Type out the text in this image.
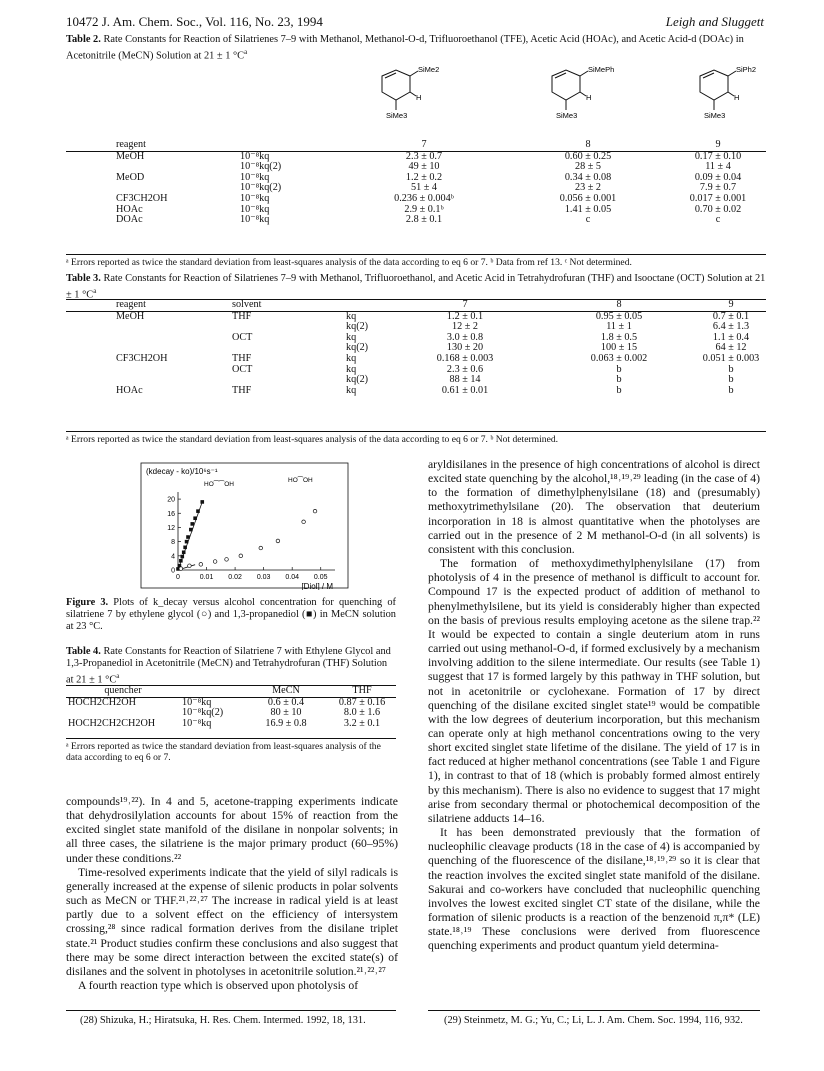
10472 J. Am. Chem. Soc., Vol. 116, No. 23, 1994	Leigh and Sluggett
Table 2. Rate Constants for Reaction of Silatrienes 7–9 with Methanol, Methanol-O-d, Trifluoroethanol (TFE), Acetic Acid (HOAc), and Acetic Acid-d (DOAc) in Acetonitrile (MeCN) Solution at 21 ± 1 $^\circ C^a$
SiMe2
H
SiMe3
SiMePh
H
SiMe3
SiPh2
H
SiMe3
reagent		7	8	9
MeOH	10⁻⁸kq	2.3 ± 0.7	0.60 ± 0.25	0.17 ± 0.10
	10⁻⁸kq(2)	49 ± 10	28 ± 5	11 ± 4
MeOD	10⁻⁸kq	1.2 ± 0.2	0.34 ± 0.08	0.09 ± 0.04
	10⁻⁸kq(2)	51 ± 4	23 ± 2	7.9 ± 0.7
CF3CH2OH	10⁻⁸kq	0.236 ± 0.004ᵇ	0.056 ± 0.001	0.017 ± 0.001
HOAc	10⁻⁸kq	2.9 ± 0.1ᵇ	1.41 ± 0.05	0.70 ± 0.02
DOAc	10⁻⁸kq	2.8 ± 0.1	c	c
ᵃ Errors reported as twice the standard deviation from least-squares analysis of the data according to eq 6 or 7. ᵇ Data from ref 13. ᶜ Not determined.
Table 3. Rate Constants for Reaction of Silatrienes 7–9 with Methanol, Trifluoroethanol, and Acetic Acid in Tetrahydrofuran (THF) and Isooctane (OCT) Solution at 21 ± 1 $^\circ C^a$
reagent	solvent		7	8	9
MeOH	THF	kq	1.2 ± 0.1	0.95 ± 0.05	0.7 ± 0.1
		kq(2)	12 ± 2	11 ± 1	6.4 ± 1.3
	OCT	kq	3.0 ± 0.8	1.8 ± 0.5	1.1 ± 0.4
		kq(2)	130 ± 20	100 ± 15	64 ± 12
CF3CH2OH	THF	kq	0.168 ± 0.003	0.063 ± 0.002	0.051 ± 0.003
	OCT	kq	2.3 ± 0.6	b	b
		kq(2)	88 ± 14	b	b
HOAc	THF	kq	0.61 ± 0.01	b	b
ᵃ Errors reported as twice the standard deviation from least-squares analysis of the data according to eq 6 or 7. ᵇ Not determined.
0	0.01 0.02 0.03 0.04 0.05
0
4
8
12
16
20
(kdecay - ko)/10⁶s⁻¹
[Diol] / M
HO⁀⁀OH
HO⁀OH
Figure 3. Plots of k_decay versus alcohol concentration for quenching of silatriene 7 by ethylene glycol (○) and 1,3-propanediol (■) in MeCN solution at 23 °C.
Table 4. Rate Constants for Reaction of Silatriene 7 with Ethylene Glycol and 1,3-Propanediol in Acetonitrile (MeCN) and Tetrahydrofuran (THF) Solution at 21 ± 1 $^\circ C^a$
quencher		MeCN	THF
HOCH2CH2OH	10⁻⁸kq	0.6 ± 0.4	0.87 ± 0.16
	10⁻⁸kq(2)	80 ± 10	8.0 ± 1.6
HOCH2CH2CH2OH	10⁻⁸kq	16.9 ± 0.8	3.2 ± 0.1
ᵃ Errors reported as twice the standard deviation from least-squares analysis of the data according to eq 6 or 7.

compounds¹⁹˒²²). In 4 and 5, acetone-trapping experiments indicate that dehydrosilylation accounts for about 15% of reaction from the excited singlet state manifold of the disilane in nonpolar solvents; in all three cases, the silatriene is the major primary product (60–95%) under these conditions.²²

Time-resolved experiments indicate that the yield of silyl radicals is generally increased at the expense of silenic products in polar solvents such as MeCN or THF.²¹˒²²˒²⁷ The increase in radical yield is at least partly due to a solvent effect on the efficiency of intersystem crossing,²⁸ since radical formation derives from the disilane triplet state.²¹ Product studies confirm these conclusions and also suggest that there may be some direct interaction between the excited state(s) of disilanes and the solvent in photolyses in acetonitrile solution.²¹˒²²˒²⁷

A fourth reaction type which is observed upon photolysis of

aryldisilanes in the presence of high concentrations of alcohol is direct excited state quenching by the alcohol,¹⁸˒¹⁹˒²⁹ leading (in the case of 4) to the formation of dimethylphenylsilane (18) and (presumably) methoxytrimethylsilane (20). The observation that deuterium incorporation in 18 is almost quantitative when the photolyses are carried out in the presence of 2 M methanol-O-d (in all solvents) is consistent with this conclusion.

The formation of methoxydimethylphenylsilane (17) from photolysis of 4 in the presence of methanol is difficult to account for. Compound 17 is the expected product of addition of methanol to phenylmethylsilene, but its yield is considerably higher than expected on the basis of previous results employing acetone as the silene trap.²² It would be expected to contain a single deuterium atom in runs carried out using methanol-O-d, if formed exclusively by a mechanism involving addition to the silene intermediate. Our results (see Table 1) suggest that 17 is formed largely by this pathway in THF solution, but not in acetonitrile or cyclohexane. Formation of 17 by direct quenching of the disilane excited singlet state¹⁹ would be compatible with the low degrees of deuterium incorporation, but this mechanism can operate only at high methanol concentrations owing to the very short excited singlet state lifetime of the disilane. The yield of 17 is in fact reduced at higher methanol concentrations (see Table 1 and Figure 1), in contrast to that of 18 (which is probably formed almost entirely by this mechanism). There is also no evidence to suggest that 17 might arise from secondary thermal or photochemical decomposition of the silatriene adducts 14–16.

It has been demonstrated previously that the formation of nucleophilic cleavage products (18 in the case of 4) is accompanied by quenching of the fluorescence of the disilane,¹⁸˒¹⁹˒²⁹ so it is clear that the reaction involves the excited singlet state manifold of the disilane. Sakurai and co-workers have concluded that nucleophilic quenching involves the lowest excited singlet CT state of the disilane, while the formation of silenic products is a reaction of the benzenoid π,π* (LE) state.¹⁸˒¹⁹ These conclusions were derived from fluorescence quenching experiments and product quantum yield determina-

(28) Shizuka, H.; Hiratsuka, H. Res. Chem. Intermed. 1992, 18, 131.	(29) Steinmetz, M. G.; Yu, C.; Li, L. J. Am. Chem. Soc. 1994, 116, 932.
